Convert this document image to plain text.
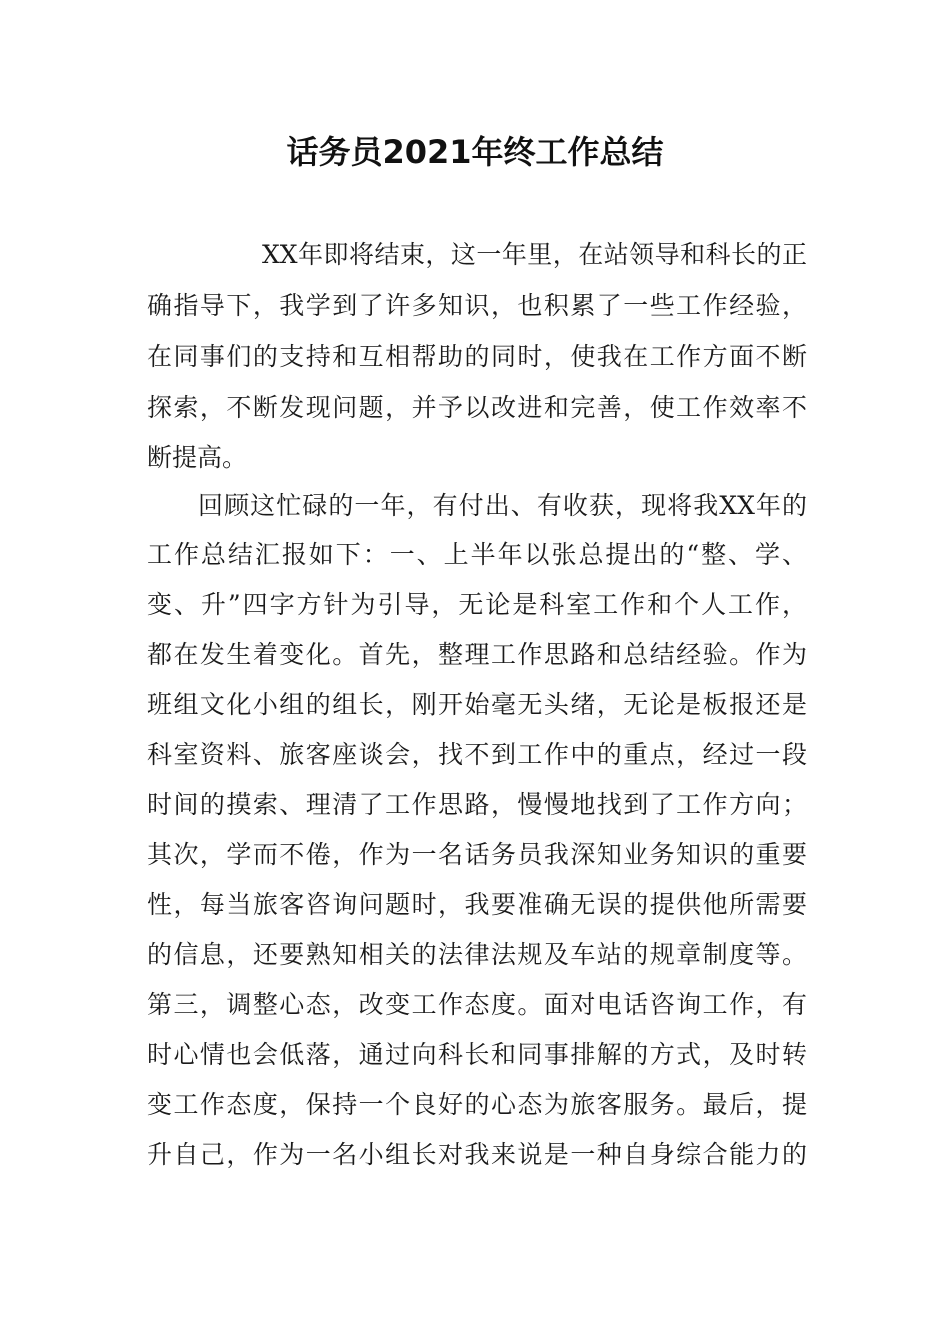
话务员2021年终工作总结
XX年即将结束，这一年里，在站领导和科长的正
确指导下，我学到了许多知识，也积累了一些工作经验，
在同事们的支持和互相帮助的同时，使我在工作方面不断
探索，不断发现问题，并予以改进和完善，使工作效率不
断提高。
回顾这忙碌的一年，有付出、有收获，现将我XX年的
工作总结汇报如下：一、上半年以张总提出的“整、学、
变、升”四字方针为引导，无论是科室工作和个人工作，
都在发生着变化。首先，整理工作思路和总结经验。作为
班组文化小组的组长，刚开始毫无头绪，无论是板报还是
科室资料、旅客座谈会，找不到工作中的重点，经过一段
时间的摸索、理清了工作思路，慢慢地找到了工作方向；
其次，学而不倦，作为一名话务员我深知业务知识的重要
性，每当旅客咨询问题时，我要准确无误的提供他所需要
的信息，还要熟知相关的法律法规及车站的规章制度等。
第三，调整心态，改变工作态度。面对电话咨询工作，有
时心情也会低落，通过向科长和同事排解的方式，及时转
变工作态度，保持一个良好的心态为旅客服务。最后，提
升自己，作为一名小组长对我来说是一种自身综合能力的
